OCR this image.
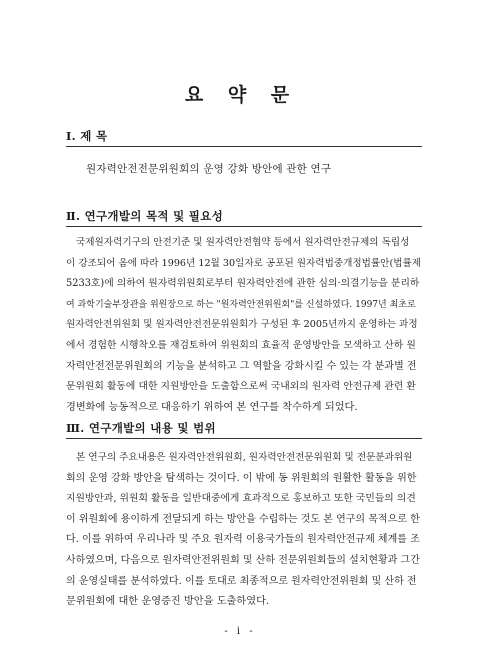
요 약 문
Ⅰ. 제 목
원자력안전전문위원회의 운영 강화 방안에 관한 연구
Ⅱ. 연구개발의 목적 및 필요성
국제원자력기구의 안전기준 및 원자력안전협약 등에서 원자력안전규제의 독립성
이 강조되어 옴에 따라 1996년 12월 30일자로 공포된 원자력법중개정법률안(법률제
5233호)에 의하여 원자력위원회로부터 원자력안전에 관한 심의·의결기능을 분리하
여 과학기술부장관을 위원장으로 하는 "원자력안전위원회"를 신설하였다. 1997년 최초로
원자력안전위원회 및 원자력안전전문위원회가 구성된 후 2005년까지 운영하는 과정
에서 경험한 시행착오를 재검토하여 위원회의 효율적 운영방안을 모색하고 산하 원
자력안전전문위원회의 기능을 분석하고 그 역할을 강화시킬 수 있는 각 분과별 전
문위원회 활동에 대한 지원방안을 도출함으로써 국내외의 원자력 안전규제 관련 환
경변화에 능동적으로 대응하기 위하여 본 연구를 착수하게 되었다.
Ⅲ. 연구개발의 내용 및 범위
본 연구의 주요내용은 원자력안전위원회, 원자력안전전문위원회 및 전문분과위원
회의 운영 강화 방안을 탐색하는 것이다. 이 밖에 동 위원회의 원활한 활동을 위한
지원방안과, 위원회 활동을 일반대중에게 효과적으로 홍보하고 또한 국민들의 의견
이 위원회에 용이하게 전달되게 하는 방안을 수립하는 것도 본 연구의 목적으로 한
다. 이를 위하여 우리나라 및 주요 원자력 이용국가들의 원자력안전규제 체계를 조
사하였으며, 다음으로 원자력안전위원회 및 산하 전문위원회들의 설치현황과 그간
의 운영실태를 분석하였다. 이를 토대로 최종적으로 원자력안전위원회 및 산하 전
문위원회에 대한 운영증진 방안을 도출하였다.
- i -
